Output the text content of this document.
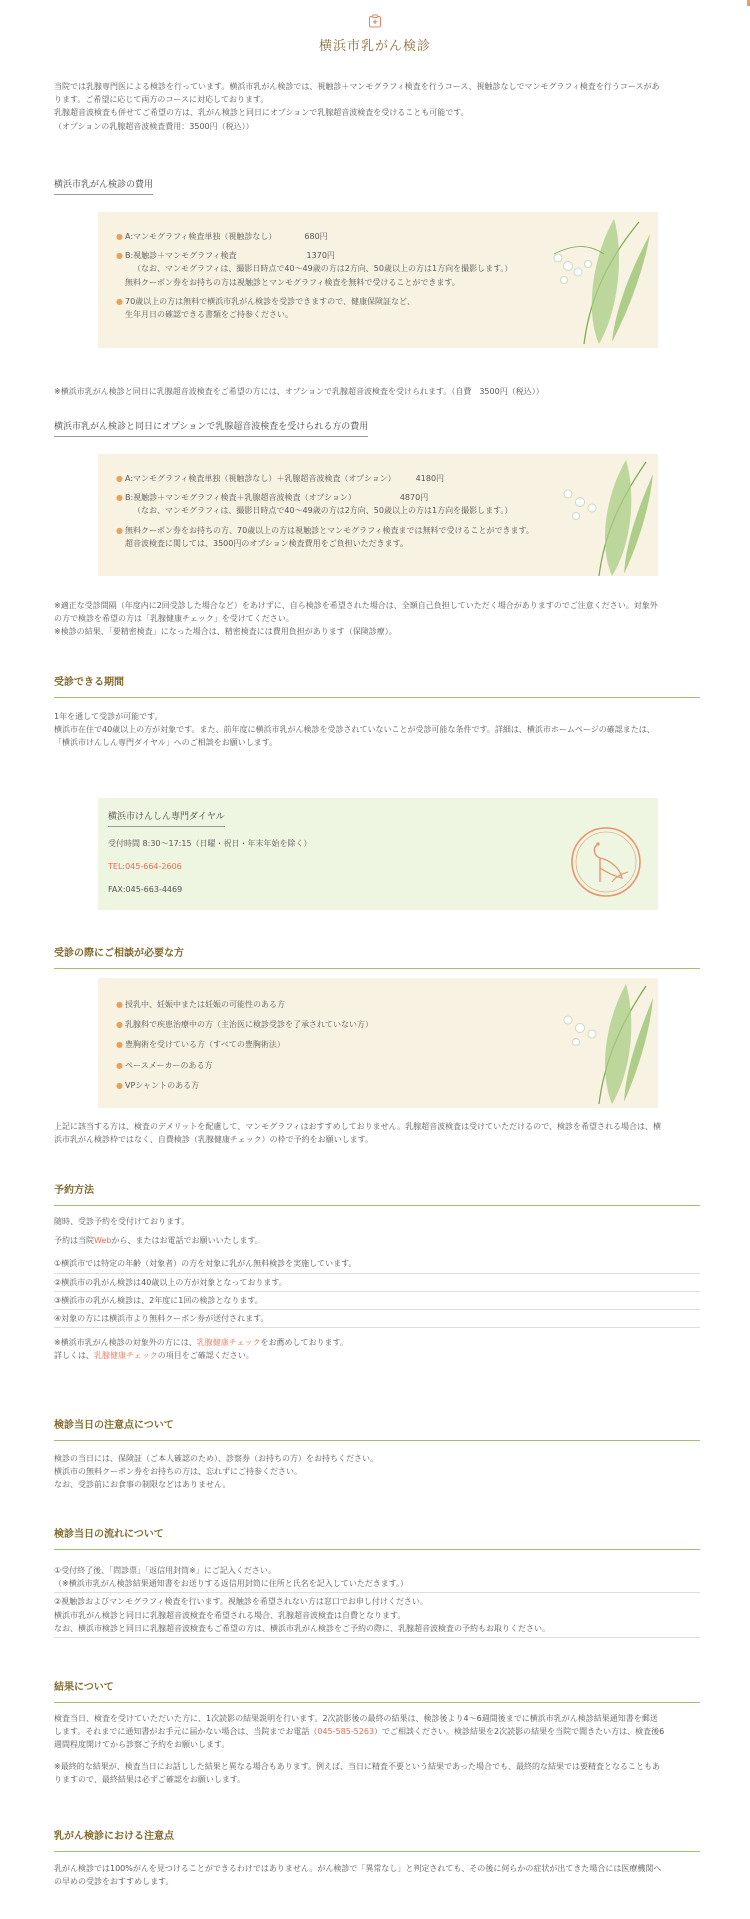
横浜市乳がん検診

当院では乳腺専門医による検診を行っています。横浜市乳がん検診では、視触診＋マンモグラフィ検査を行うコース、視触診なしでマンモグラフィ検査を行うコースがあ

ります。ご希望に応じて両方のコースに対応しております。

乳腺超音波検査も併せてご希望の方は、乳がん検診と同日にオプションで乳腺超音波検査を受けることも可能です。

（オプションの乳腺超音波検査費用：3500円（税込））

横浜市乳がん検診の費用
● A:マンモグラフィ検査単独（視触診なし）	680円
● B:視触診＋マンモグラフィ検査	1370円
（なお、マンモグラフィは、撮影日時点で40～49歳の方は2方向、50歳以上の方は1方向を撮影します。）
無料クーポン券をお持ちの方は視触診とマンモグラフィ検査を無料で受けることができます。
● 70歳以上の方は無料で横浜市乳がん検診を受診できますので、健康保険証など、
生年月日の確認できる書類をご持参ください。

※横浜市乳がん検診と同日に乳腺超音波検査をご希望の方には、オプションで乳腺超音波検査を受けられます。（自費　3500円（税込））

横浜市乳がん検診と同日にオプションで乳腺超音波検査を受けられる方の費用
● A:マンモグラフィ検査単独（視触診なし）＋乳腺超音波検査（オプション）	4180円
● B:視触診＋マンモグラフィ検査＋乳腺超音波検査（オプション）	4870円
（なお、マンモグラフィは、撮影日時点で40～49歳の方は2方向、50歳以上の方は1方向を撮影します。）
● 無料クーポン券をお持ちの方、70歳以上の方は視触診とマンモグラフィ検査までは無料で受けることができます。
超音波検査に関しては、3500円のオプション検査費用をご負担いただきます。

※適正な受診間隔（年度内に2回受診した場合など）をあけずに、自ら検診を希望された場合は、全額自己負担していただく場合がありますのでご注意ください。対象外

の方で検診を希望の方は「乳腺健康チェック」を受けてください。

※検診の結果、「要精密検査」になった場合は、精密検査には費用負担があります（保険診療）。

受診できる期間

1年を通して受診が可能です。

横浜市在住で40歳以上の方が対象です。また、前年度に横浜市乳がん検診を受診されていないことが受診可能な条件です。詳細は、横浜市ホームページの確認または、

「横浜市けんしん専門ダイヤル」へのご相談をお願いします。

横浜市けんしん専門ダイヤル

受付時間 8:30～17:15（日曜・祝日・年末年始を除く）

TEL:045-664-2606

FAX:045-663-4469

受診の際にご相談が必要な方
● 授乳中、妊娠中または妊娠の可能性のある方
● 乳腺科で疾患治療中の方（主治医に検診受診を了承されていない方）
● 豊胸術を受けている方（すべての豊胸術法）
● ペースメーカーのある方
● VPシャントのある方

上記に該当する方は、検査のデメリットを配慮して、マンモグラフィはおすすめしておりません。乳腺超音波検査は受けていただけるので、検診を希望される場合は、横

浜市乳がん検診枠ではなく、自費検診（乳腺健康チェック）の枠で予約をお願いします。

予約方法

随時、受診予約を受付けております。

予約は当院Webから、またはお電話でお願いいたします。

①横浜市では特定の年齢（対象者）の方を対象に乳がん無料検診を実施しています。
②横浜市の乳がん検診は40歳以上の方が対象となっております。
③横浜市の乳がん検診は、2年度に1回の検診となります。
④対象の方には横浜市より無料クーポン券が送付されます。

※横浜市乳がん検診の対象外の方には、乳腺健康チェックをお薦めしております。

詳しくは、乳腺健康チェックの項目をご確認ください。

検診当日の注意点について

検診の当日には、保険証（ご本人確認のため）、診察券（お持ちの方）をお持ちください。

横浜市の無料クーポン券をお持ちの方は、忘れずにご持参ください。

なお、受診前にお食事の制限などはありません。

検診当日の流れについて

①受付終了後、「問診票」「返信用封筒※」にご記入ください。

（※横浜市乳がん検診結果通知書をお送りする返信用封筒に住所と氏名を記入していただきます。）

②視触診およびマンモグラフィ検査を行います。視触診を希望されない方は窓口でお申し付けください。

横浜市乳がん検診と同日に乳腺超音波検査を希望される場合、乳腺超音波検査は自費となります。

なお、横浜市検診と同日に乳腺超音波検査もご希望の方は、横浜市乳がん検診をご予約の際に、乳腺超音波検査の予約もお取りください。

結果について

検査当日、検査を受けていただいた方に、1次読影の結果説明を行います。2次読影後の最終の結果は、検診後より4～6週間後までに横浜市乳がん検診結果通知書を郵送

します。それまでに通知書がお手元に届かない場合は、当院までお電話（045-585-5263）でご相談ください。検診結果を2次読影の結果を当院で聞きたい方は、検査後6

週間程度開けてから診察ご予約をお願いします。

※最終的な結果が、検査当日にお話しした結果と異なる場合もあります。例えば、当日に精査不要という結果であった場合でも、最終的な結果では要精査となることもあ

りますので、最終結果は必ずご確認をお願いします。

乳がん検診における注意点

乳がん検診では100%がんを見つけることができるわけではありません。がん検診で「異常なし」と判定されても、その後に何らかの症状が出てきた場合には医療機関へ

の早めの受診をおすすめします。
